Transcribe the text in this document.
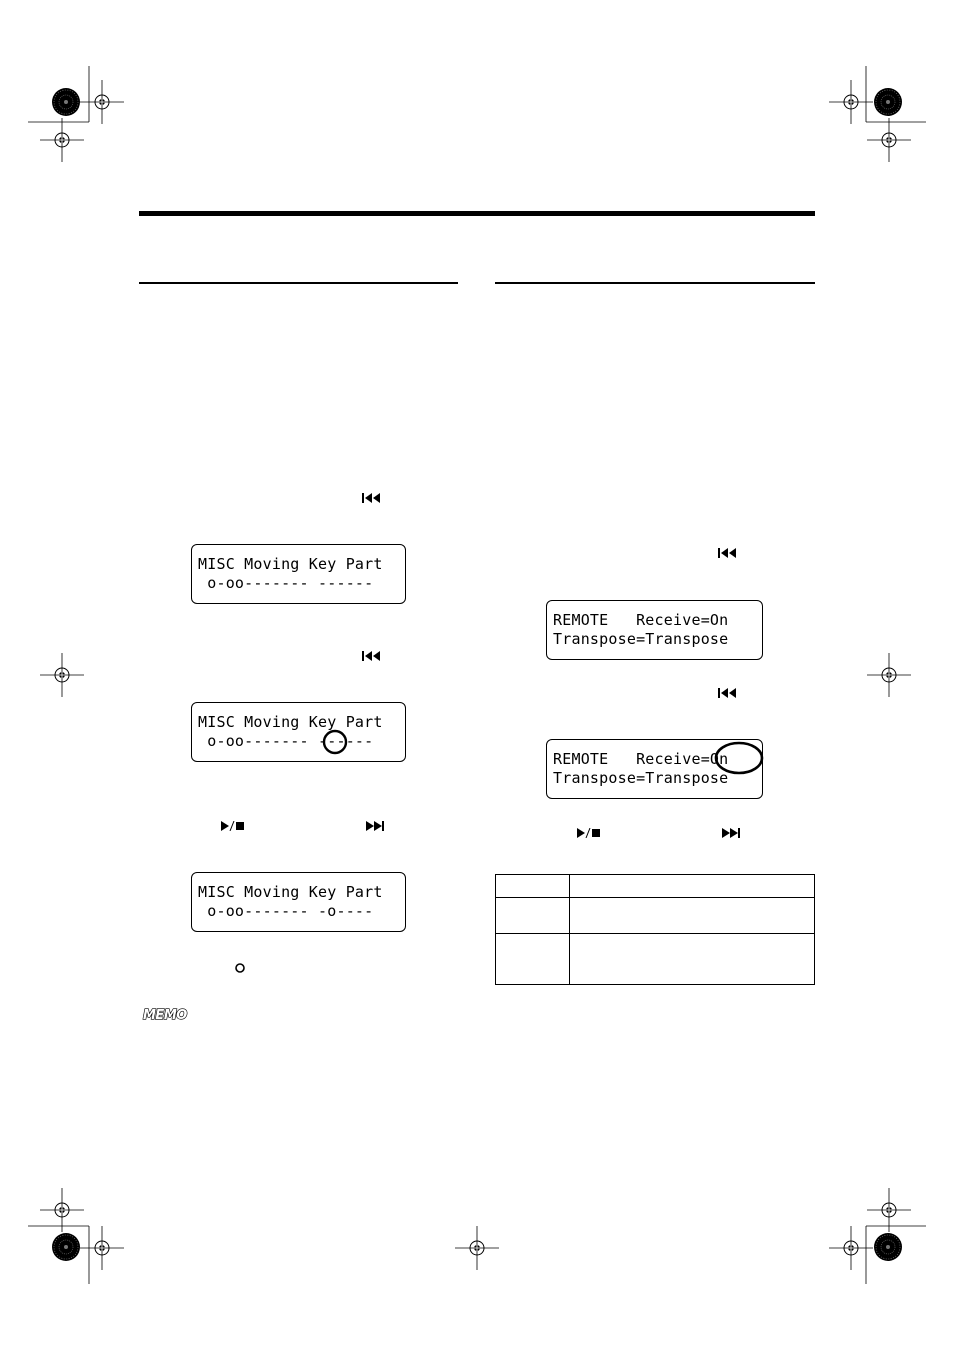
MISC Moving Key Part
o-oo------- ------
MISC Moving Key Part
o-oo------- ------
MISC Moving Key Part
o-oo------- -o----
MEMO
REMOTE   Receive=On
Transpose=Transpose
REMOTE   Receive=On
Transpose=Transpose
